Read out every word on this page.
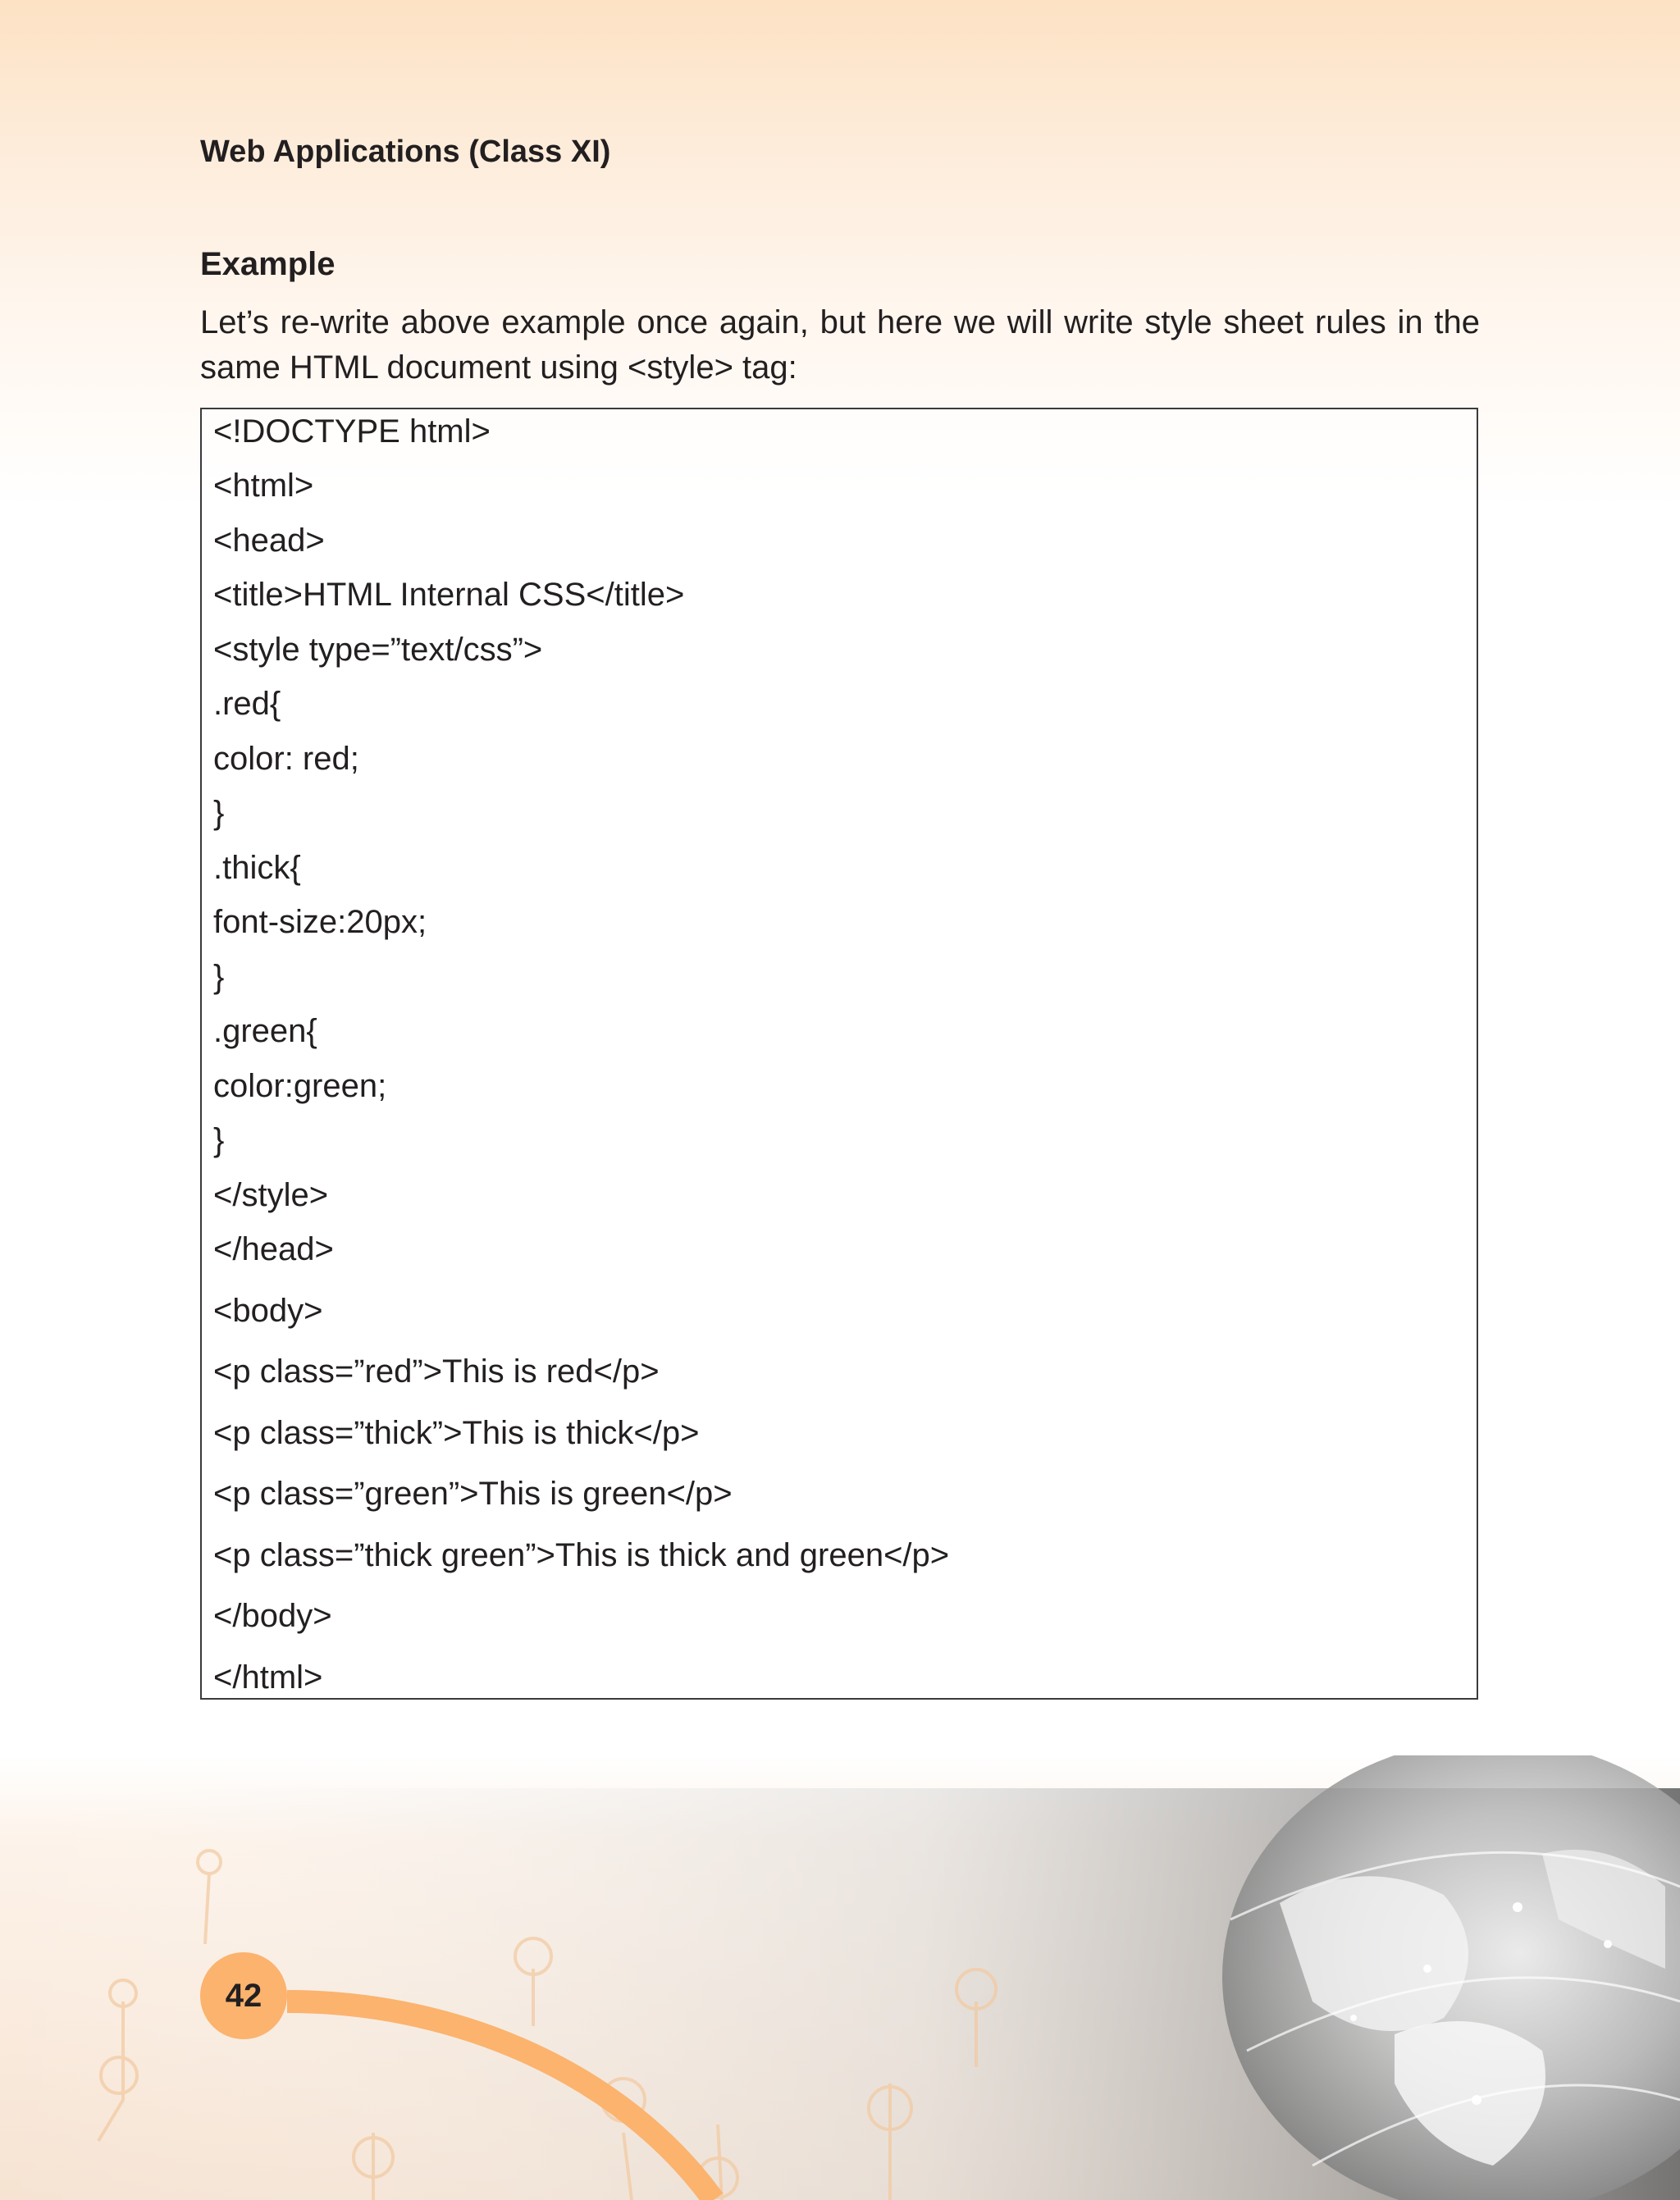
Web Applications (Class XI)
Example

Let’s re-write above example once again, but here we will write style sheet rules in the same HTML document using <style> tag:

<!DOCTYPE html>
<html>
<head>
<title>HTML Internal CSS</title>
<style type=”text/css”>
.red{
color: red;
}
.thick{
font-size:20px;
}
.green{
color:green;
}
</style>
</head>
<body>
<p class=”red”>This is red</p>
<p class=”thick”>This is thick</p>
<p class=”green”>This is green</p>
<p class=”thick green”>This is thick and green</p>
</body>
</html>
42
